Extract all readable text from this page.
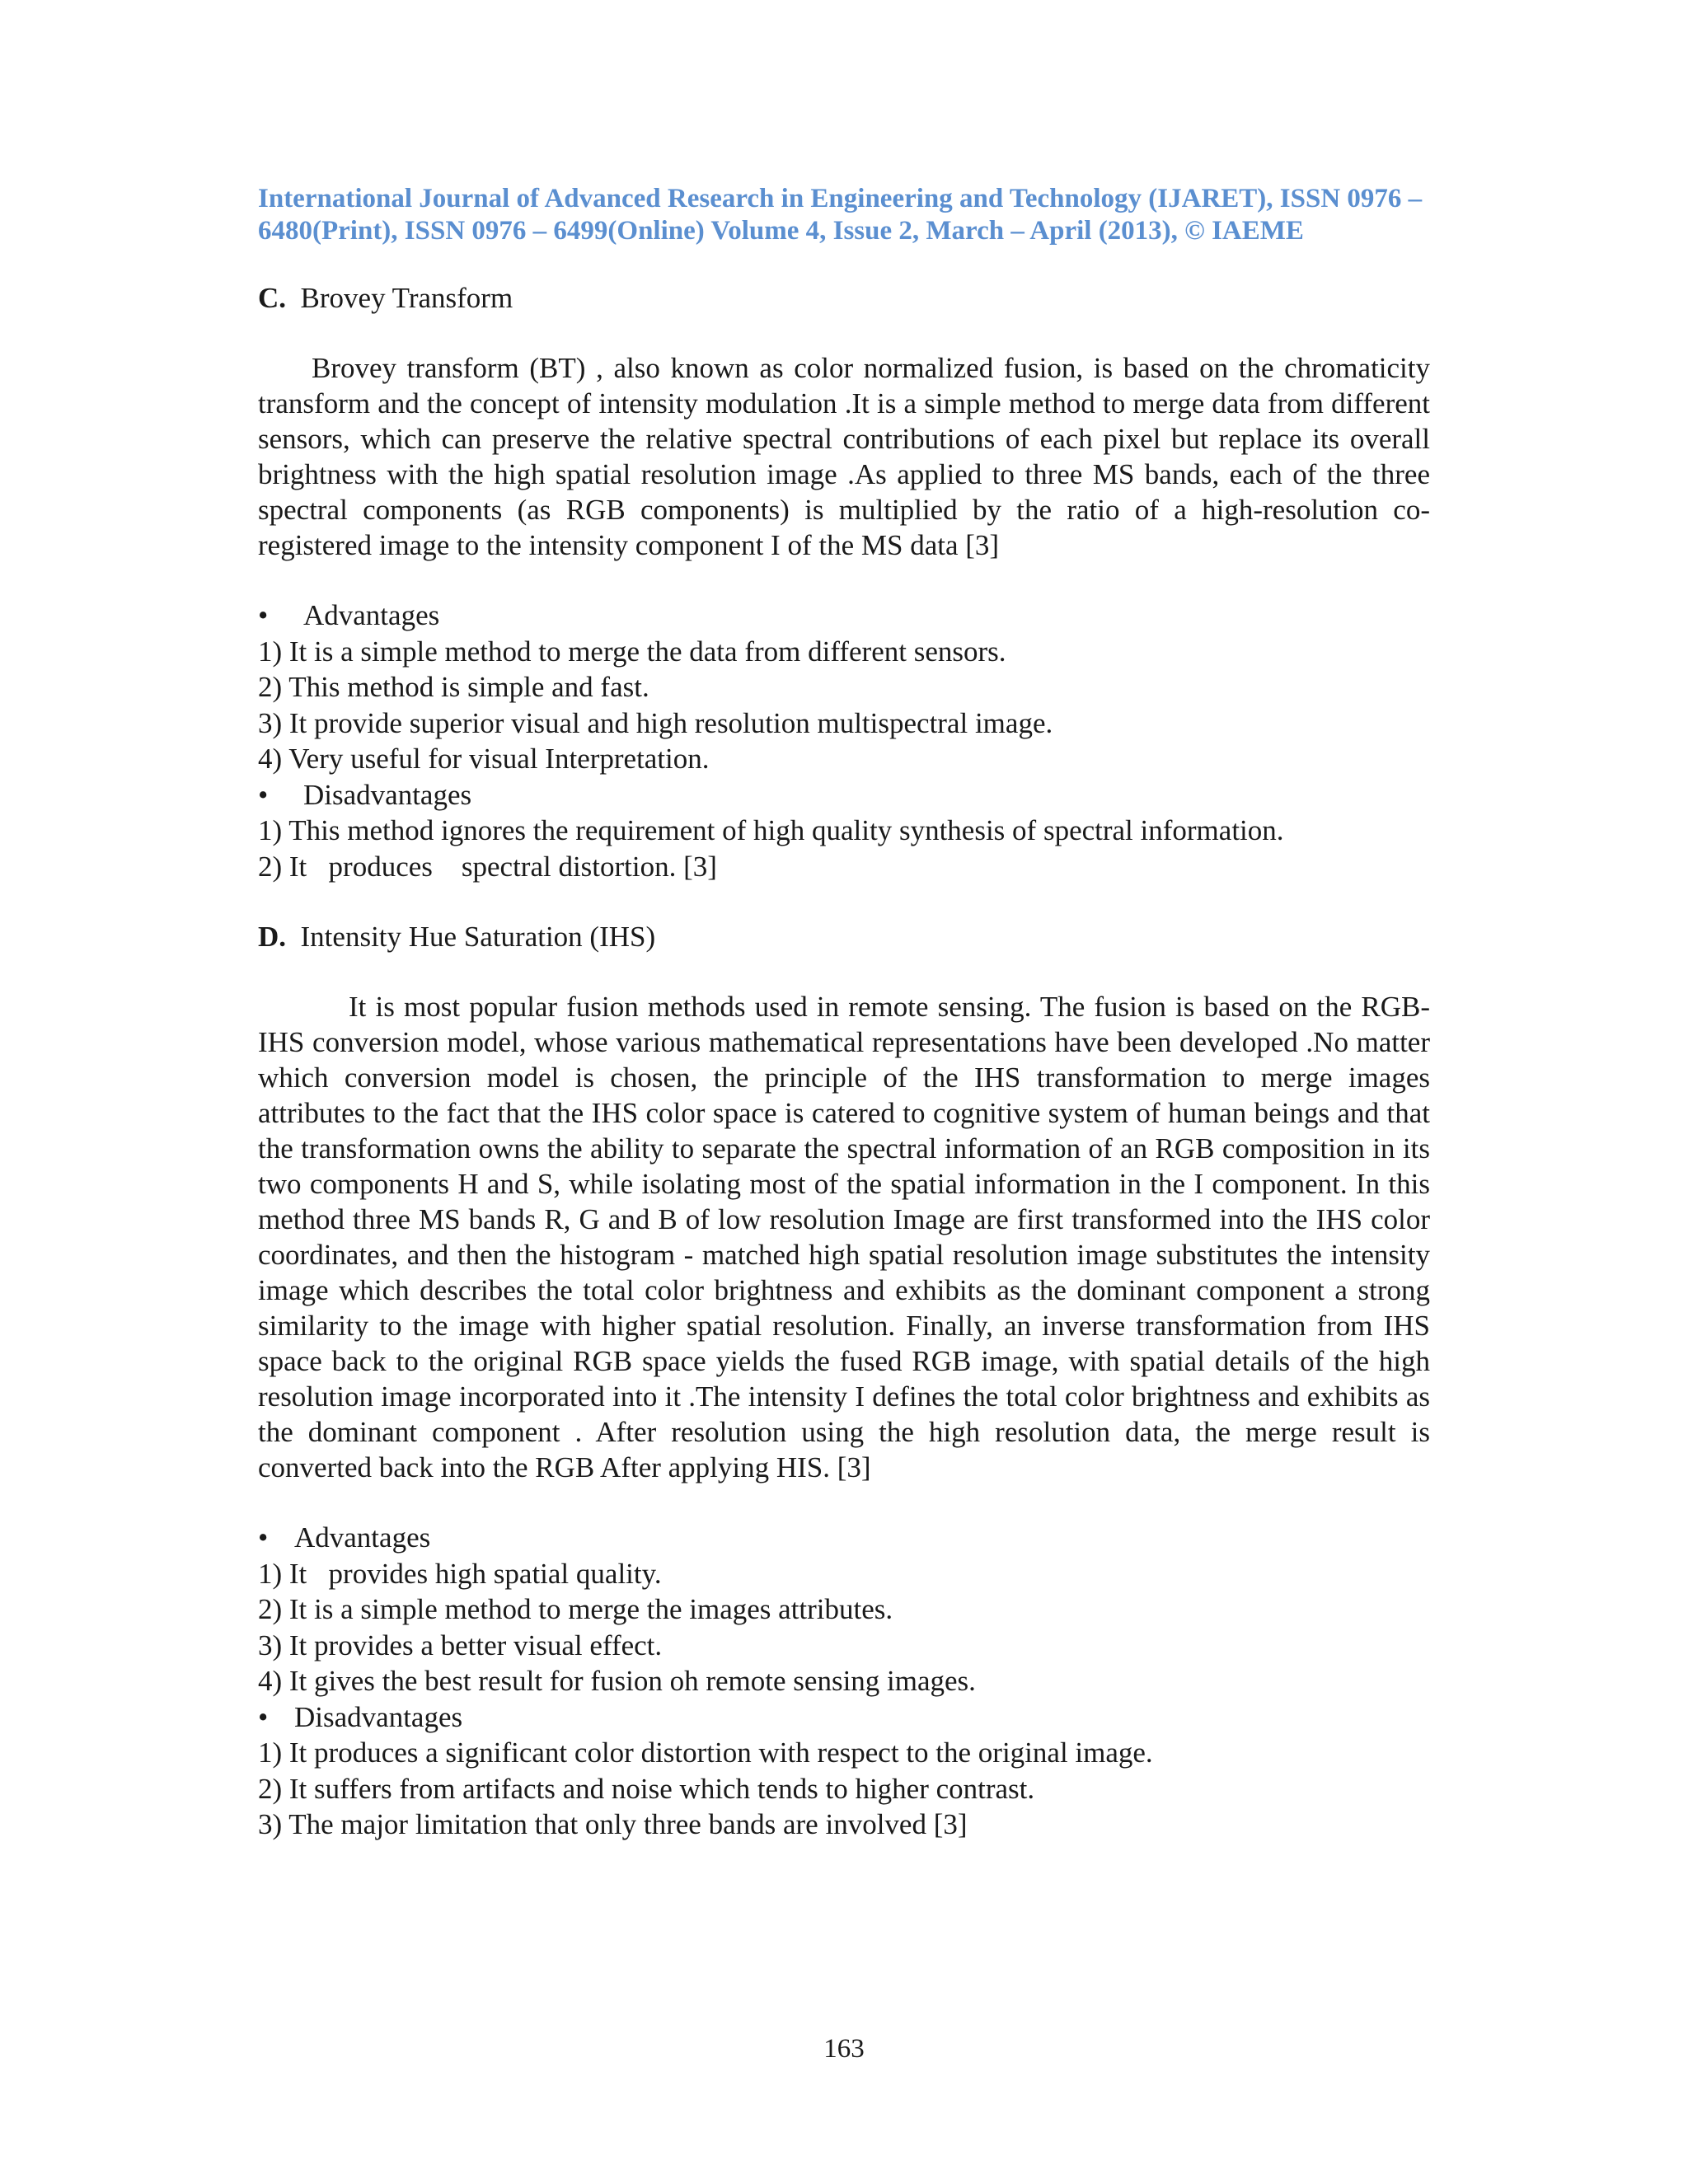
International Journal of Advanced Research in Engineering and Technology (IJARET), ISSN 0976 –
6480(Print), ISSN 0976 – 6499(Online) Volume 4, Issue 2, March – April (2013), © IAEME
C. Brovey Transform

Brovey transform (BT) , also known as color normalized fusion, is based on the chromaticity transform and the concept of intensity modulation .It is a simple method to merge data from different sensors, which can preserve the relative spectral contributions of each pixel but replace its overall brightness with the high spatial resolution image .As applied to three MS bands, each of the three spectral components (as RGB components) is multiplied by the ratio of a high-resolution co-registered image to the intensity component I of the MS data [3]

•	Advantages
1) It is a simple method to merge the data from different sensors.
2) This method is simple and fast.
3) It provide superior visual and high resolution multispectral image.
4) Very useful for visual Interpretation.
•	Disadvantages
1) This method ignores the requirement of high quality synthesis of spectral information.
2) It   produces    spectral distortion. [3]
D. Intensity Hue Saturation (IHS)

It is most popular fusion methods used in remote sensing. The fusion is based on the RGB-IHS conversion model, whose various mathematical representations have been developed .No matter which conversion model is chosen, the principle of the IHS transformation to merge images attributes to the fact that the IHS color space is catered to cognitive system of human beings and that the transformation owns the ability to separate the spectral information of an RGB composition in its two components H and S, while isolating most of the spatial information in the I component. In this method three MS bands R, G and B of low resolution Image are first transformed into the IHS color coordinates, and then the histogram - matched high spatial resolution image substitutes the intensity image which describes the total color brightness and exhibits as the dominant component a strong similarity to the image with higher spatial resolution. Finally, an inverse transformation from IHS space back to the original RGB space yields the fused RGB image, with spatial details of the high resolution image incorporated into it .The intensity I defines the total color brightness and exhibits as the dominant component . After resolution using the high resolution data, the merge result is converted back into the RGB After applying HIS. [3]

• Advantages
1) It   provides high spatial quality.
2) It is a simple method to merge the images attributes.
3) It provides a better visual effect.
4) It gives the best result for fusion oh remote sensing images.
• Disadvantages
1) It produces a significant color distortion with respect to the original image.
2) It suffers from artifacts and noise which tends to higher contrast.
3) The major limitation that only three bands are involved [3]
163
